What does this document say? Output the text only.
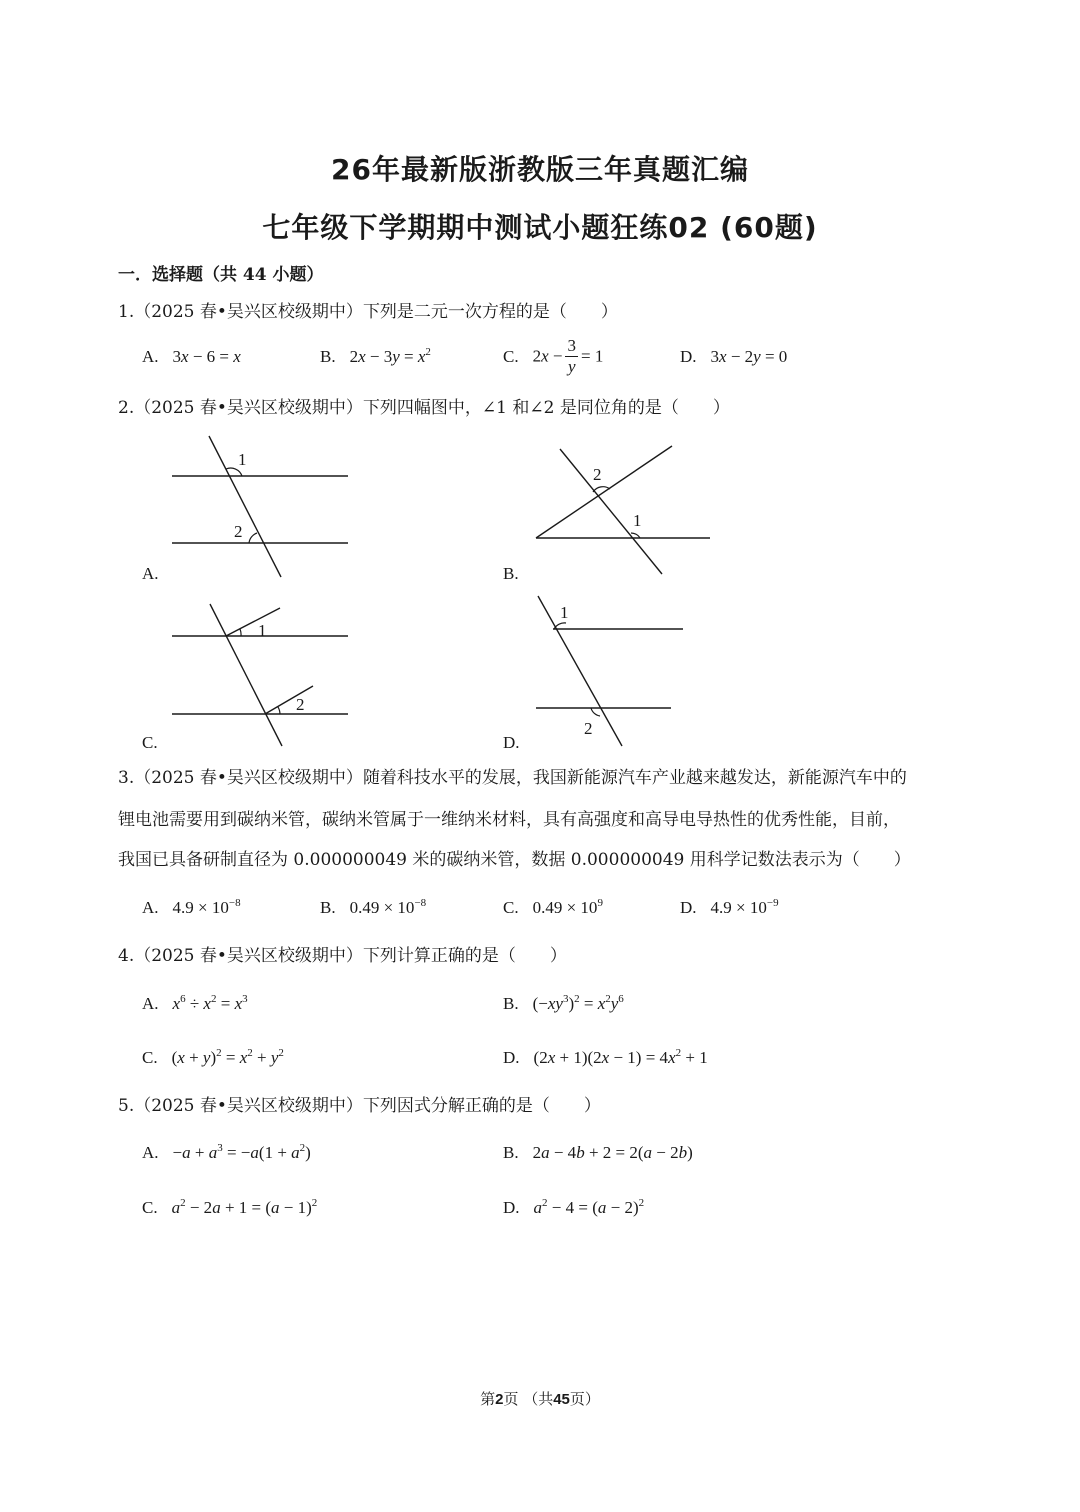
26年最新版浙教版三年真题汇编
七年级下学期期中测试小题狂练02 (60题)
一．选择题（共 44 小题）
1.（2025 春•吴兴区校级期中）下列是二元一次方程的是（　　）
A. 3x − 6 = x	B. $2x - 3y = x^2$	C. $2x - \frac{3}{y} = 1$	D. 3x − 2y = 0
2.（2025 春•吴兴区校级期中）下列四幅图中，∠1 和∠2 是同位角的是（　　）
1
2
A.
2
1
B.
1
2
C.
1
2
D.
3.（2025 春•吴兴区校级期中）随着科技水平的发展，我国新能源汽车产业越来越发达，新能源汽车中的
锂电池需要用到碳纳米管，碳纳米管属于一维纳米材料，具有高强度和高导电导热性的优秀性能，目前，
我国已具备研制直径为 0.000000049 米的碳纳米管，数据 0.000000049 用科学记数法表示为（　　）
A. $4.9 \times 10^{-8}$	B. $0.49 \times 10^{-8}$	C. $0.49 \times 10^9$	D. $4.9 \times 10^{-9}$
4.（2025 春•吴兴区校级期中）下列计算正确的是（　　）
A. $x^6 \div x^2 = x^3$	B. $(-xy^3)^2 = x^2y^6$
C. $(x + y)^2 = x^2 + y^2$	D. $(2x + 1)(2x - 1) = 4x^2 + 1$
5.（2025 春•吴兴区校级期中）下列因式分解正确的是（　　）
A. $-a + a^3 = -a(1 + a^2)$	B. 2a − 4b + 2 = 2(a − 2b)
C. $a^2 - 2a + 1 = (a - 1)^2$	D. $a^2 - 4 = (a - 2)^2$
第2页 （共45页）
